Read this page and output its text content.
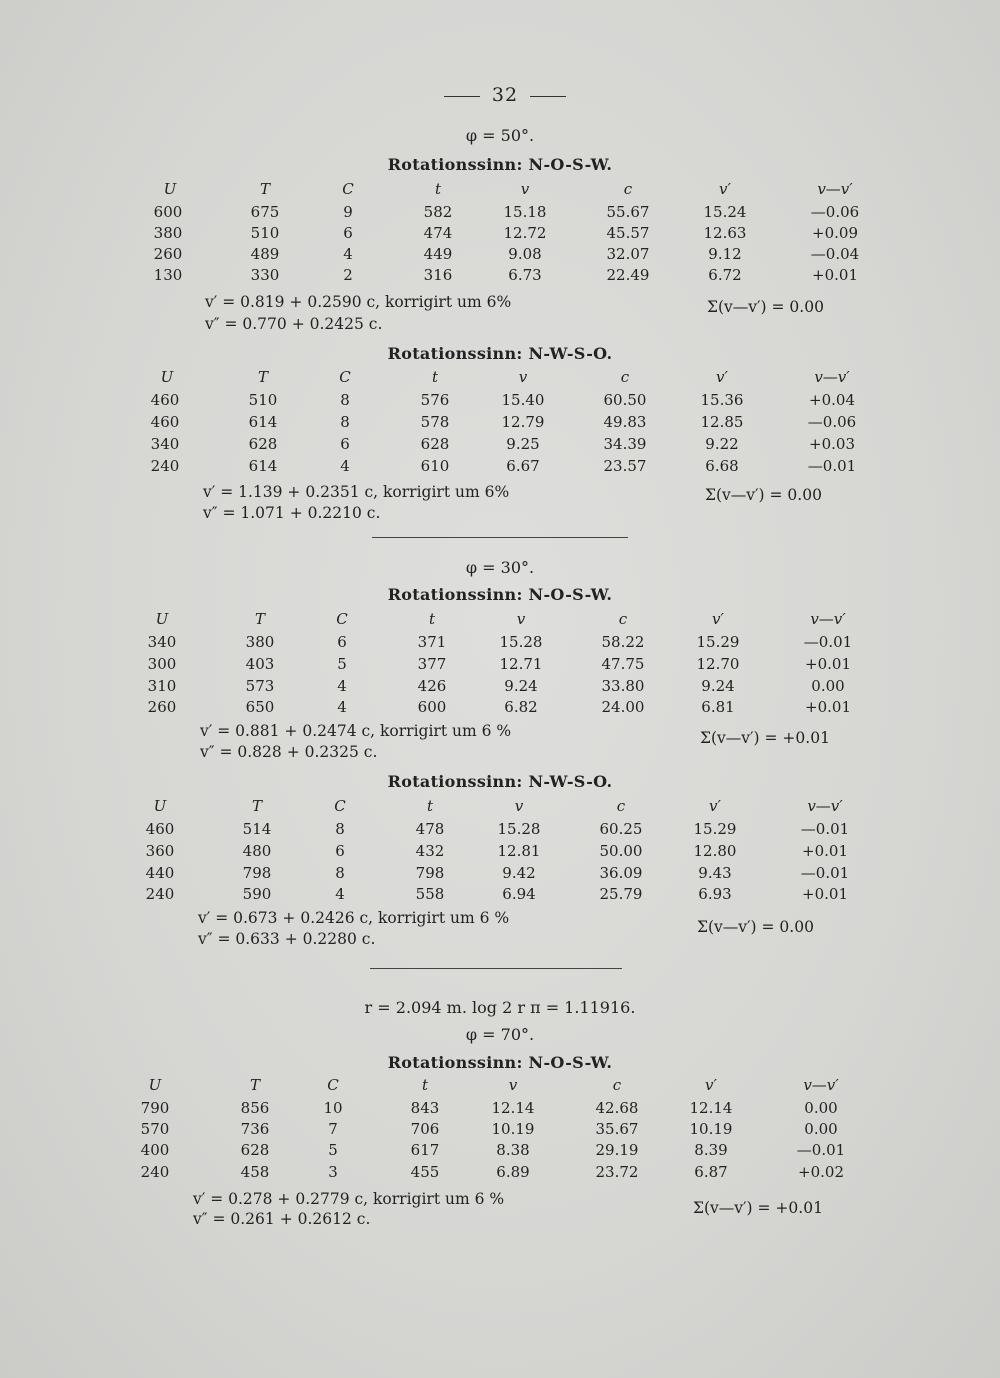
32
φ = 50°.
Rotationssinn: N-O-S-W.
U	T	C	t	v	c	v′	v—v′
600	675	9	582	15.18	55.67	15.24	—0.06
380	510	6	474	12.72	45.57	12.63	+0.09
260	489	4	449	9.08	32.07	9.12	—0.04
130	330	2	316	6.73	22.49	6.72	+0.01
v′ = 0.819 + 0.2590 c, korrigirt um 6%
v″ = 0.770 + 0.2425 c.
Σ(v—v′) = 0.00
Rotationssinn: N-W-S-O.
U	T	C	t	v	c	v′	v—v′
460	510	8	576	15.40	60.50	15.36	+0.04
460	614	8	578	12.79	49.83	12.85	—0.06
340	628	6	628	9.25	34.39	9.22	+0.03
240	614	4	610	6.67	23.57	6.68	—0.01
v′ = 1.139 + 0.2351 c, korrigirt um 6%
v″ = 1.071 + 0.2210 c.
Σ(v—v′) = 0.00
φ = 30°.
Rotationssinn: N-O-S-W.
U	T	C	t	v	c	v′	v—v′
340	380	6	371	15.28	58.22	15.29	—0.01
300	403	5	377	12.71	47.75	12.70	+0.01
310	573	4	426	9.24	33.80	9.24	0.00
260	650	4	600	6.82	24.00	6.81	+0.01
v′ = 0.881 + 0.2474 c, korrigirt um 6 %
v″ = 0.828 + 0.2325 c.
Σ(v—v′) = +0.01
Rotationssinn: N-W-S-O.
U	T	C	t	v	c	v′	v—v′
460	514	8	478	15.28	60.25	15.29	—0.01
360	480	6	432	12.81	50.00	12.80	+0.01
440	798	8	798	9.42	36.09	9.43	—0.01
240	590	4	558	6.94	25.79	6.93	+0.01
v′ = 0.673 + 0.2426 c, korrigirt um 6 %
v″ = 0.633 + 0.2280 c.
Σ(v—v′) = 0.00
r = 2.094 m. log 2 r π = 1.11916.
φ = 70°.
Rotationssinn: N-O-S-W.
U	T	C	t	v	c	v′	v—v′
790	856	10	843	12.14	42.68	12.14	0.00
570	736	7	706	10.19	35.67	10.19	0.00
400	628	5	617	8.38	29.19	8.39	—0.01
240	458	3	455	6.89	23.72	6.87	+0.02
v′ = 0.278 + 0.2779 c, korrigirt um 6 %
v″ = 0.261 + 0.2612 c.
Σ(v—v′) = +0.01
